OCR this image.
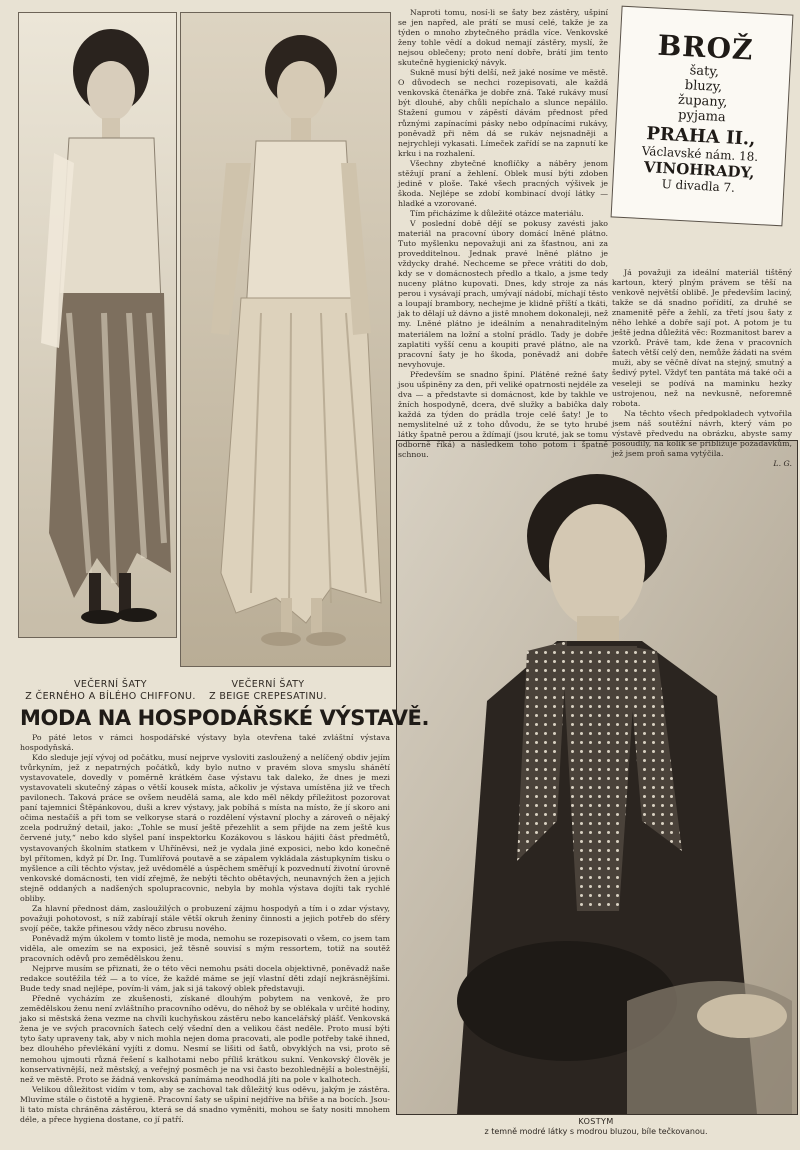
VEČERNÍ ŠATY
Z ČERNÉHO A BÍLÉHO CHIFFONU.
VEČERNÍ ŠATY
Z BEIGE CREPESATINU.
KOSTYM
z temně modré látky s modrou bluzou, bíle tečkovanou.
BROŽ
šaty,
bluzy,
župany,
pyjama
PRAHA II.,
Václavské nám. 18.
VINOHRADY,
U divadla 7.
MODA NA HOSPODÁŘSKÉ VÝSTAVĚ.

Po páté letos v rámci hospodářské výstavy byla otevřena také zvláštní výstava hospodyňská.

Kdo sleduje její vývoj od počátku, musí nejprve vysloviti zasloužený a nelíčený obdiv jejím tvůrkyním, jež z nepatrných počátků, kdy bylo nutno v pravém slova smyslu shánětí vystavovatele, dovedly v poměrně krátkém čase výstavu tak daleko, že dnes je mezi vystavovateli skutečný zápas o větší kousek místa, ačkoliv je výstava umístěna již ve třech pavilonech. Taková práce se ovšem neudělá sama, ale kdo měl někdy příležitost pozorovat paní tajemnici Štěpánkovou, duši a krev výstavy, jak pobíhá s místa na místo, že jí skoro ani očima nestačíš a při tom se velkoryse stará o rozdělení výstavní plochy a zároveň o nějaký zcela podružný detail, jako: „Tohle se musí ještě přezehlit a sem přijde na zem ještě kus červené juty,“ nebo kdo slyšel paní inspektorku Kozákovou s láskou hájiti část předmětů, vystavovaných školním statkem v Uhříněvsi, než je vydala jiné exposici, nebo kdo konečně byl přítomen, když pí Dr. Ing. Tumlířová poutavě a se zápalem vykládala zástupkyním tisku o myšlence a cíli těchto výstav, jež uvědomělé a úspěchem směřují k pozvednutí životní úrovně venkovské domácnosti, ten vidí zřejmě, že nebýti těchto obětavých, neunavných žen a jejich stejně oddaných a nadšených spolupracovnic, nebyla by mohla výstava dojíti tak rychlé obliby.

Za hlavní přednost dám, zasloužilých o probuzení zájmu hospodyň a tím i o zdar výstavy, považuji pohotovost, s níž zabírají stále větší okruh ženiny činnosti a jejich potřeb do sféry svojí péče, takže přinesou vždy něco zbrusu nového.

Poněvadž mým úkolem v tomto listě je moda, nemohu se rozepisovati o všem, co jsem tam viděla, ale omezím se na exposici, jež těsně souvisí s mým ressortem, totiž na soutěž pracovních oděvů pro zemědělskou ženu.

Nejprve musím se přiznati, že o této věci nemohu psáti docela objektivně, poněvadž naše redakce soutěžila též — a to více, že každé máme se její vlastní děti zdají nejkrásnějšími. Bude tedy snad nejlépe, povím-li vám, jak si já takový oblek představuji.

Předně vycházím ze zkušenosti, získané dlouhým pobytem na venkově, že pro zemědělskou ženu není zvláštního pracovního oděvu, do něhož by se oblékala v určité hodiny, jako si městská žena vezme na chvíli kuchyňskou zástěru nebo kancelářský plášť. Venkovská žena je ve svých pracovních šatech celý všední den a velikou část neděle. Proto musí býti tyto šaty upraveny tak, aby v nich mohla nejen doma pracovati, ale podle potřeby také ihned, bez dlouhého převlékání vyjíti z domu. Nesmí se lišiti od šatů, obvyklých na vsi, proto sě nemohou ujmouti různá řešení s kalhotami nebo příliš krátkou sukní. Venkovský člověk je konservativnější, než městský, a veřejný posměch je na vsi často bezohlednější a bolestnější, než ve městě. Proto se žádná venkovská panímáma neodhodlá jíti na pole v kalhotech.

Velikou důležitost vidím v tom, aby se zachoval tak důležitý kus oděvu, jakým je zástěra. Mluvíme stále o čistotě a hygieně. Pracovní šaty se ušpiní nejdříve na břiše a na bocích. Jsou-li tato místa chráněna zástěrou, která se dá snadno vyměniti, mohou se šaty nositi mnohem déle, a přece hygiena dostane, co jí patří.

Naproti tomu, nosí-li se šaty bez zástěry, ušpiní se jen napřed, ale prátí se musí celé, takže je za týden o mnoho zbytečného prádla více. Venkovské ženy tohle vědí a dokud nemají zástěry, myslí, že nejsou oblečeny; proto není dobře, brátí jim tento skutečně hygienický návyk.

Sukně musí býti delší, než jaké nosíme ve městě. O důvodech se nechci rozepisovati, ale každá venkovská čtenářka je dobře zná. Také rukávy musí být dlouhé, aby chůli nepíchalo a slunce nepálilo. Stažení gumou v zápěstí dávám přednost před různými zapínacími pásky nebo odpínacími rukávy, poněvadž při něm dá se rukáv nejsnadněji a nejrychleji vykasati. Límeček zařídí se na zapnutí ke krku i na rozhalení.

Všechny zbytečné knoflíčky a náběry jenom stěžují praní a žehlení. Oblek musí býti zdoben jedině v ploše. Také všech pracných výšivek je škoda. Nejlépe se zdobí kombinací dvojí látky — hladké a vzorované.

Tím přicházíme k důležité otázce materiálu.

V poslední době dějí se pokusy zavésti jako materiál na pracovní úbory domácí lněné plátno. Tuto myšlenku nepovažuji ani za šťastnou, ani za provedditelnou. Jednak pravé lněné plátno je vždycky drahé. Nechceme se přece vrátiti do dob, kdy se v domácnostech předlo a tkalo, a jsme tedy nuceny plátno kupovati. Dnes, kdy stroje za nás perou i vysávají prach, umývají nádobí, míchají těsto a loupají brambory, nechejme je klidně příští a tkáti, jak to dělají už dávno a jistě mnohem dokonaleji, než my. Lněné plátno je ideálním a nenahraditelným materiálem na ložní a stolní prádlo. Tady je dobře zaplatiti vyšší cenu a koupiti pravé plátno, ale na pracovní šaty je ho škoda, poněvadž ani dobře nevyhovuje.

Především se snadno špiní. Plátěné režné šaty jsou ušpiněny za den, při veliké opatrnosti nejdéle za dva — a představte si domácnost, kde by takhle ve žních hospodyně, dcera, dvě služky a babička daly každá za týden do prádla troje celé šaty! Je to nemyslitelné už z toho důvodu, že se tyto hrubé látky špatně perou a ždímají (jsou kruté, jak se tomu odborně říká) a následkem toho potom i špatně schnou.

Já považuji za ideální materiál tištěný kartoun, který plným právem se těší na venkově největší oblibě. Je především laciný, takže se dá snadno pořídití, za druhé se znamenitě pěře a žehlí, za třetí jsou šaty z něho lehké a dobře sají pot. A potom je tu ještě jedna důležitá věc: Rozmanitost barev a vzorků. Právě tam, kde žena v pracovních šatech větší celý den, nemůže žádati na svém muži, aby se věčně dívat na stejný, smutný a šedivý pytel. Vždyť ten pantáta má také oči a veseleji se podívá na maminku hezky ustrojenou, než na nevkusně, neforemně robota.

Na těchto všech předpokladech vytvořila jsem náš soutěžní návrh, který vám po výstavě předvedu na obrázku, abyste samy posoudily, na kolik se přibližuje požadavkům, jež jsem proň sama vytýčila.

L. G.
